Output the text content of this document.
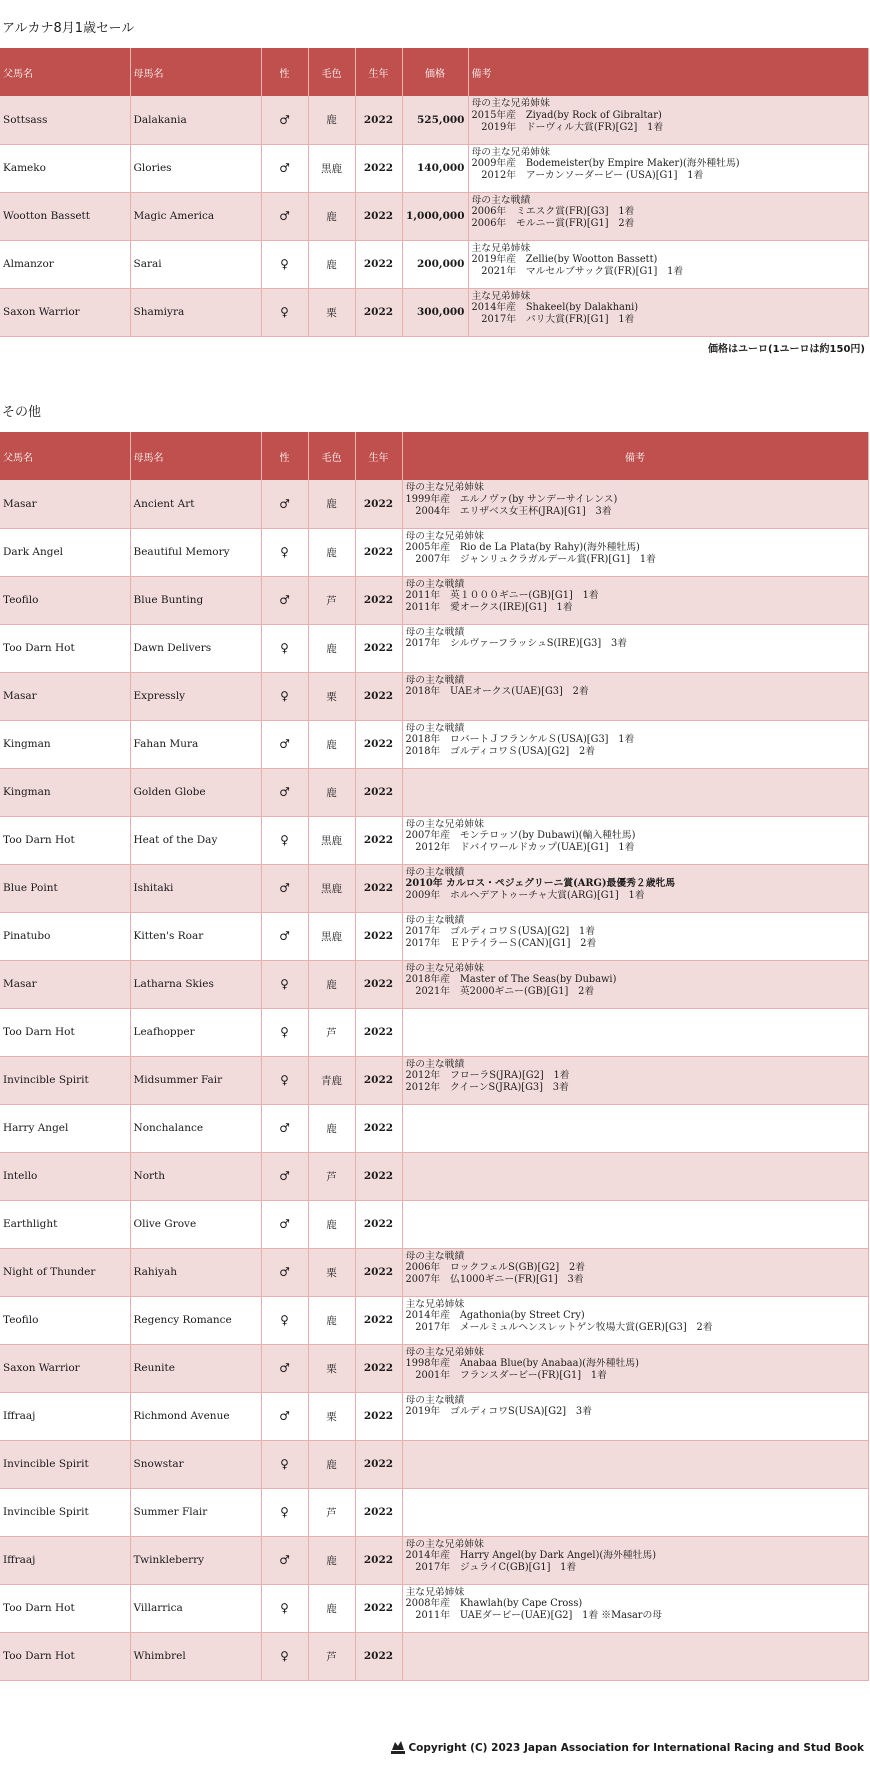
アルカナ8月1歳セール
父馬名	母馬名	性	毛色	生年	価格	備考
Sottsass	Dalakania	♂	鹿	2022	525,000	母の主な兄弟姉妹
2015年産　Ziyad(by Rock of Gibraltar)
　2019年　ドーヴィル大賞(FR)[G2]　1着

Kameko	Glories	♂	黒鹿	2022	140,000	母の主な兄弟姉妹
2009年産　Bodemeister(by Empire Maker)(海外種牡馬)
　2012年　アーカンソーダービー (USA)[G1]　1着

Wootton Bassett	Magic America	♂	鹿	2022	1,000,000	母の主な戦績
2006年　ミエスク賞(FR)[G3]　1着
2006年　モルニー賞(FR)[G1]　2着

Almanzor	Sarai	♀	鹿	2022	200,000	主な兄弟姉妹
2019年産　Zellie(by Wootton Bassett)
　2021年　マルセルブサック賞(FR)[G1]　1着

Saxon Warrior	Shamiyra	♀	栗	2022	300,000	主な兄弟姉妹
2014年産　Shakeel(by Dalakhani)
　2017年　パリ大賞(FR)[G1]　1着
価格はユーロ(1ユーロは約150円)
その他
父馬名	母馬名	性	毛色	生年	備考
Masar	Ancient Art	♂	鹿	2022	母の主な兄弟姉妹
1999年産　エルノヴァ(by サンデーサイレンス)
　2004年　エリザベス女王杯(JRA)[G1]　3着

Dark Angel	Beautiful Memory	♀	鹿	2022	母の主な兄弟姉妹
2005年産　Rio de La Plata(by Rahy)(海外種牡馬)
　2007年　ジャンリュクラガルデール賞(FR)[G1]　1着

Teofilo	Blue Bunting	♂	芦	2022	母の主な戦績
2011年　英１０００ギニー(GB)[G1]　1着
2011年　愛オークス(IRE)[G1]　1着

Too Darn Hot	Dawn Delivers	♀	鹿	2022	母の主な戦績
2017年　シルヴァーフラッシュS(IRE)[G3]　3着

Masar	Expressly	♀	栗	2022	母の主な戦績
2018年　UAEオークス(UAE)[G3]　2着

Kingman	Fahan Mura	♂	鹿	2022	母の主な戦績
2018年　ロバートＪフランケルＳ(USA)[G3]　1着
2018年　ゴルディコワＳ(USA)[G2]　2着

Kingman	Golden Globe	♂	鹿	2022	
Too Darn Hot	Heat of the Day	♀	黒鹿	2022	母の主な兄弟姉妹
2007年産　モンテロッソ(by Dubawi)(輸入種牡馬)
　2012年　ドバイワールドカップ(UAE)[G1]　1着

Blue Point	Ishitaki	♂	黒鹿	2022	母の主な戦績
2010年 カルロス・ペジェグリーニ賞(ARG)最優秀２歳牝馬
2009年　ホルヘデアトゥーチャ大賞(ARG)[G1]　1着

Pinatubo	Kitten's Roar	♂	黒鹿	2022	母の主な戦績
2017年　ゴルディコワＳ(USA)[G2]　1着
2017年　ＥＰテイラーＳ(CAN)[G1]　2着

Masar	Latharna Skies	♀	鹿	2022	母の主な兄弟姉妹
2018年産　Master of The Seas(by Dubawi)
　2021年　英2000ギニー(GB)[G1]　2着

Too Darn Hot	Leafhopper	♀	芦	2022	
Invincible Spirit	Midsummer Fair	♀	青鹿	2022	母の主な戦績
2012年　フローラS(JRA)[G2]　1着
2012年　クイーンS(JRA)[G3]　3着

Harry Angel	Nonchalance	♂	鹿	2022	
Intello	North	♂	芦	2022	
Earthlight	Olive Grove	♂	鹿	2022	
Night of Thunder	Rahiyah	♂	栗	2022	母の主な戦績
2006年　ロックフェルS(GB)[G2]　2着
2007年　仏1000ギニー(FR)[G1]　3着

Teofilo	Regency Romance	♀	鹿	2022	主な兄弟姉妹
2014年産　Agathonia(by Street Cry)
　2017年　メールミュルヘンスレットゲン牧場大賞(GER)[G3]　2着

Saxon Warrior	Reunite	♂	栗	2022	母の主な兄弟姉妹
1998年産　Anabaa Blue(by Anabaa)(海外種牡馬)
　2001年　フランスダービー(FR)[G1]　1着

Iffraaj	Richmond Avenue	♂	栗	2022	母の主な戦績
2019年　ゴルディコワS(USA)[G2]　3着

Invincible Spirit	Snowstar	♀	鹿	2022	
Invincible Spirit	Summer Flair	♀	芦	2022	
Iffraaj	Twinkleberry	♂	鹿	2022	母の主な兄弟姉妹
2014年産　Harry Angel(by Dark Angel)(海外種牡馬)
　2017年　ジュライC(GB)[G1]　1着

Too Darn Hot	Villarrica	♀	鹿	2022	主な兄弟姉妹
2008年産　Khawlah(by Cape Cross)
　2011年　UAEダービー(UAE)[G2]　1着 ※Masarの母

Too Darn Hot	Whimbrel	♀	芦	2022	
Copyright (C) 2023 Japan Association for International Racing and Stud Book
